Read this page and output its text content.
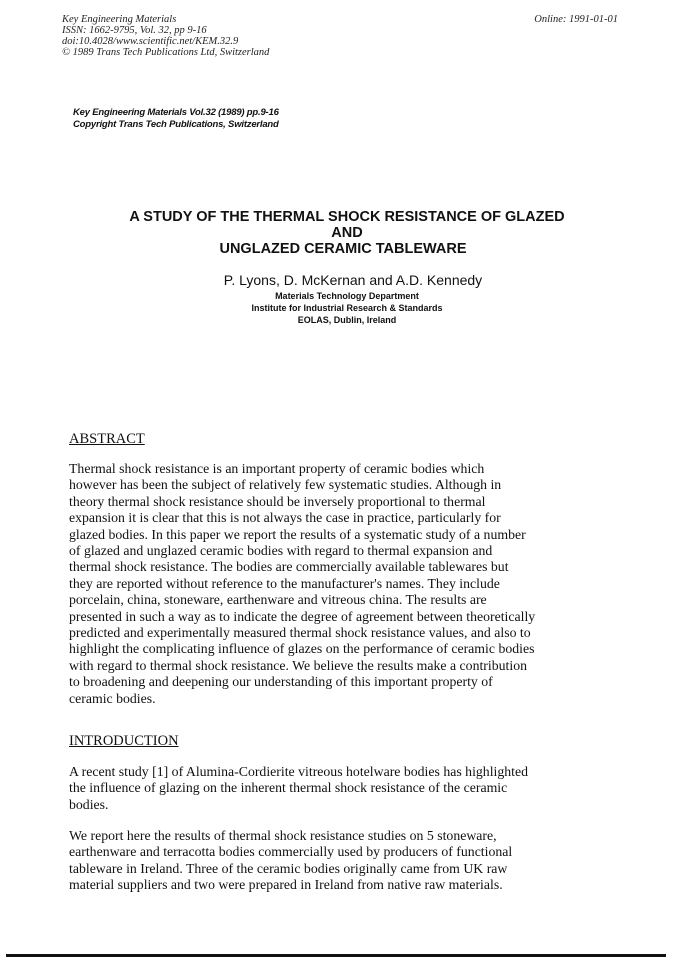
Key Engineering Materials
ISSN: 1662-9795, Vol. 32, pp 9-16
doi:10.4028/www.scientific.net/KEM.32.9
© 1989 Trans Tech Publications Ltd, Switzerland
Online: 1991-01-01
Key Engineering Materials Vol.32 (1989) pp.9-16
Copyright Trans Tech Publications, Switzerland
A STUDY OF THE THERMAL SHOCK RESISTANCE OF GLAZED
AND
UNGLAZED CERAMIC TABLEWARE
P. Lyons, D. McKernan and A.D. Kennedy
Materials Technology Department
Institute for Industrial Research & Standards
EOLAS, Dublin, Ireland
ABSTRACT
Thermal shock resistance is an important property of ceramic bodies which
however has been the subject of relatively few systematic studies. Although in
theory thermal shock resistance should be inversely proportional to thermal
expansion it is clear that this is not always the case in practice, particularly for
glazed bodies. In this paper we report the results of a systematic study of a number
of glazed and unglazed ceramic bodies with regard to thermal expansion and
thermal shock resistance. The bodies are commercially available tablewares but
they are reported without reference to the manufacturer's names. They include
porcelain, china, stoneware, earthenware and vitreous china. The results are
presented in such a way as to indicate the degree of agreement between theoretically
predicted and experimentally measured thermal shock resistance values, and also to
highlight the complicating influence of glazes on the performance of ceramic bodies
with regard to thermal shock resistance. We believe the results make a contribution
to broadening and deepening our understanding of this important property of
ceramic bodies.
INTRODUCTION
A recent study [1] of Alumina-Cordierite vitreous hotelware bodies has highlighted
the influence of glazing on the inherent thermal shock resistance of the ceramic
bodies.
We report here the results of thermal shock resistance studies on 5 stoneware,
earthenware and terracotta bodies commercially used by producers of functional
tableware in Ireland. Three of the ceramic bodies originally came from UK raw
material suppliers and two were prepared in Ireland from native raw materials.
